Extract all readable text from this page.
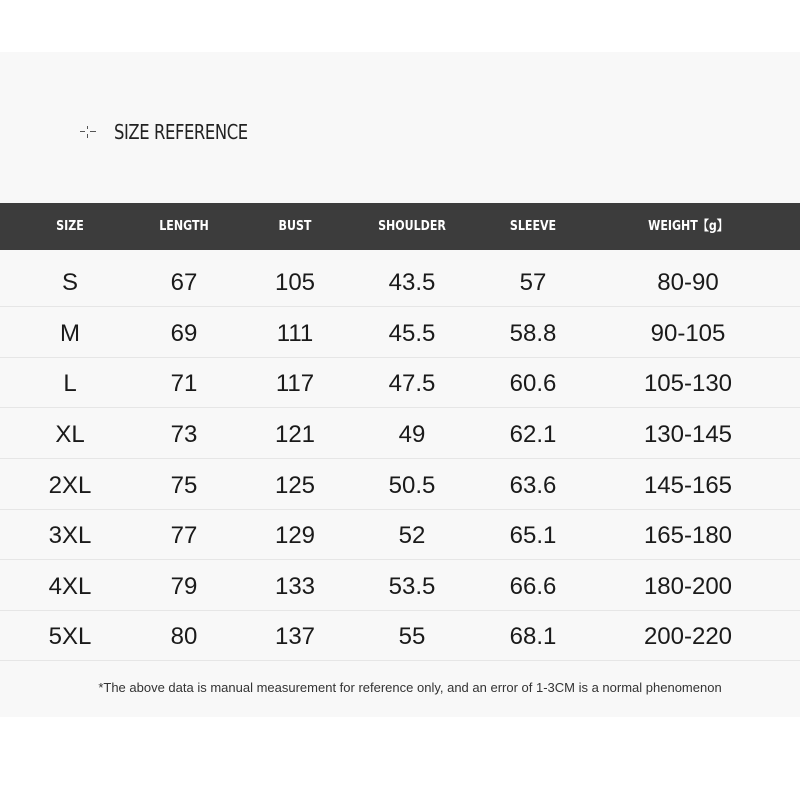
SIZE REFERENCE
SIZE	LENGTH	BUST	SHOULDER	SLEEVE	WEIGHT【g】
S	67	105	43.5	57	80-90
M	69	111	45.5	58.8	90-105
L	71	117	47.5	60.6	105-130
XL	73	121	49	62.1	130-145
2XL	75	125	50.5	63.6	145-165
3XL	77	129	52	65.1	165-180
4XL	79	133	53.5	66.6	180-200
5XL	80	137	55	68.1	200-220
*The above data is manual measurement for reference only, and an error of 1-3CM is a normal phenomenon
